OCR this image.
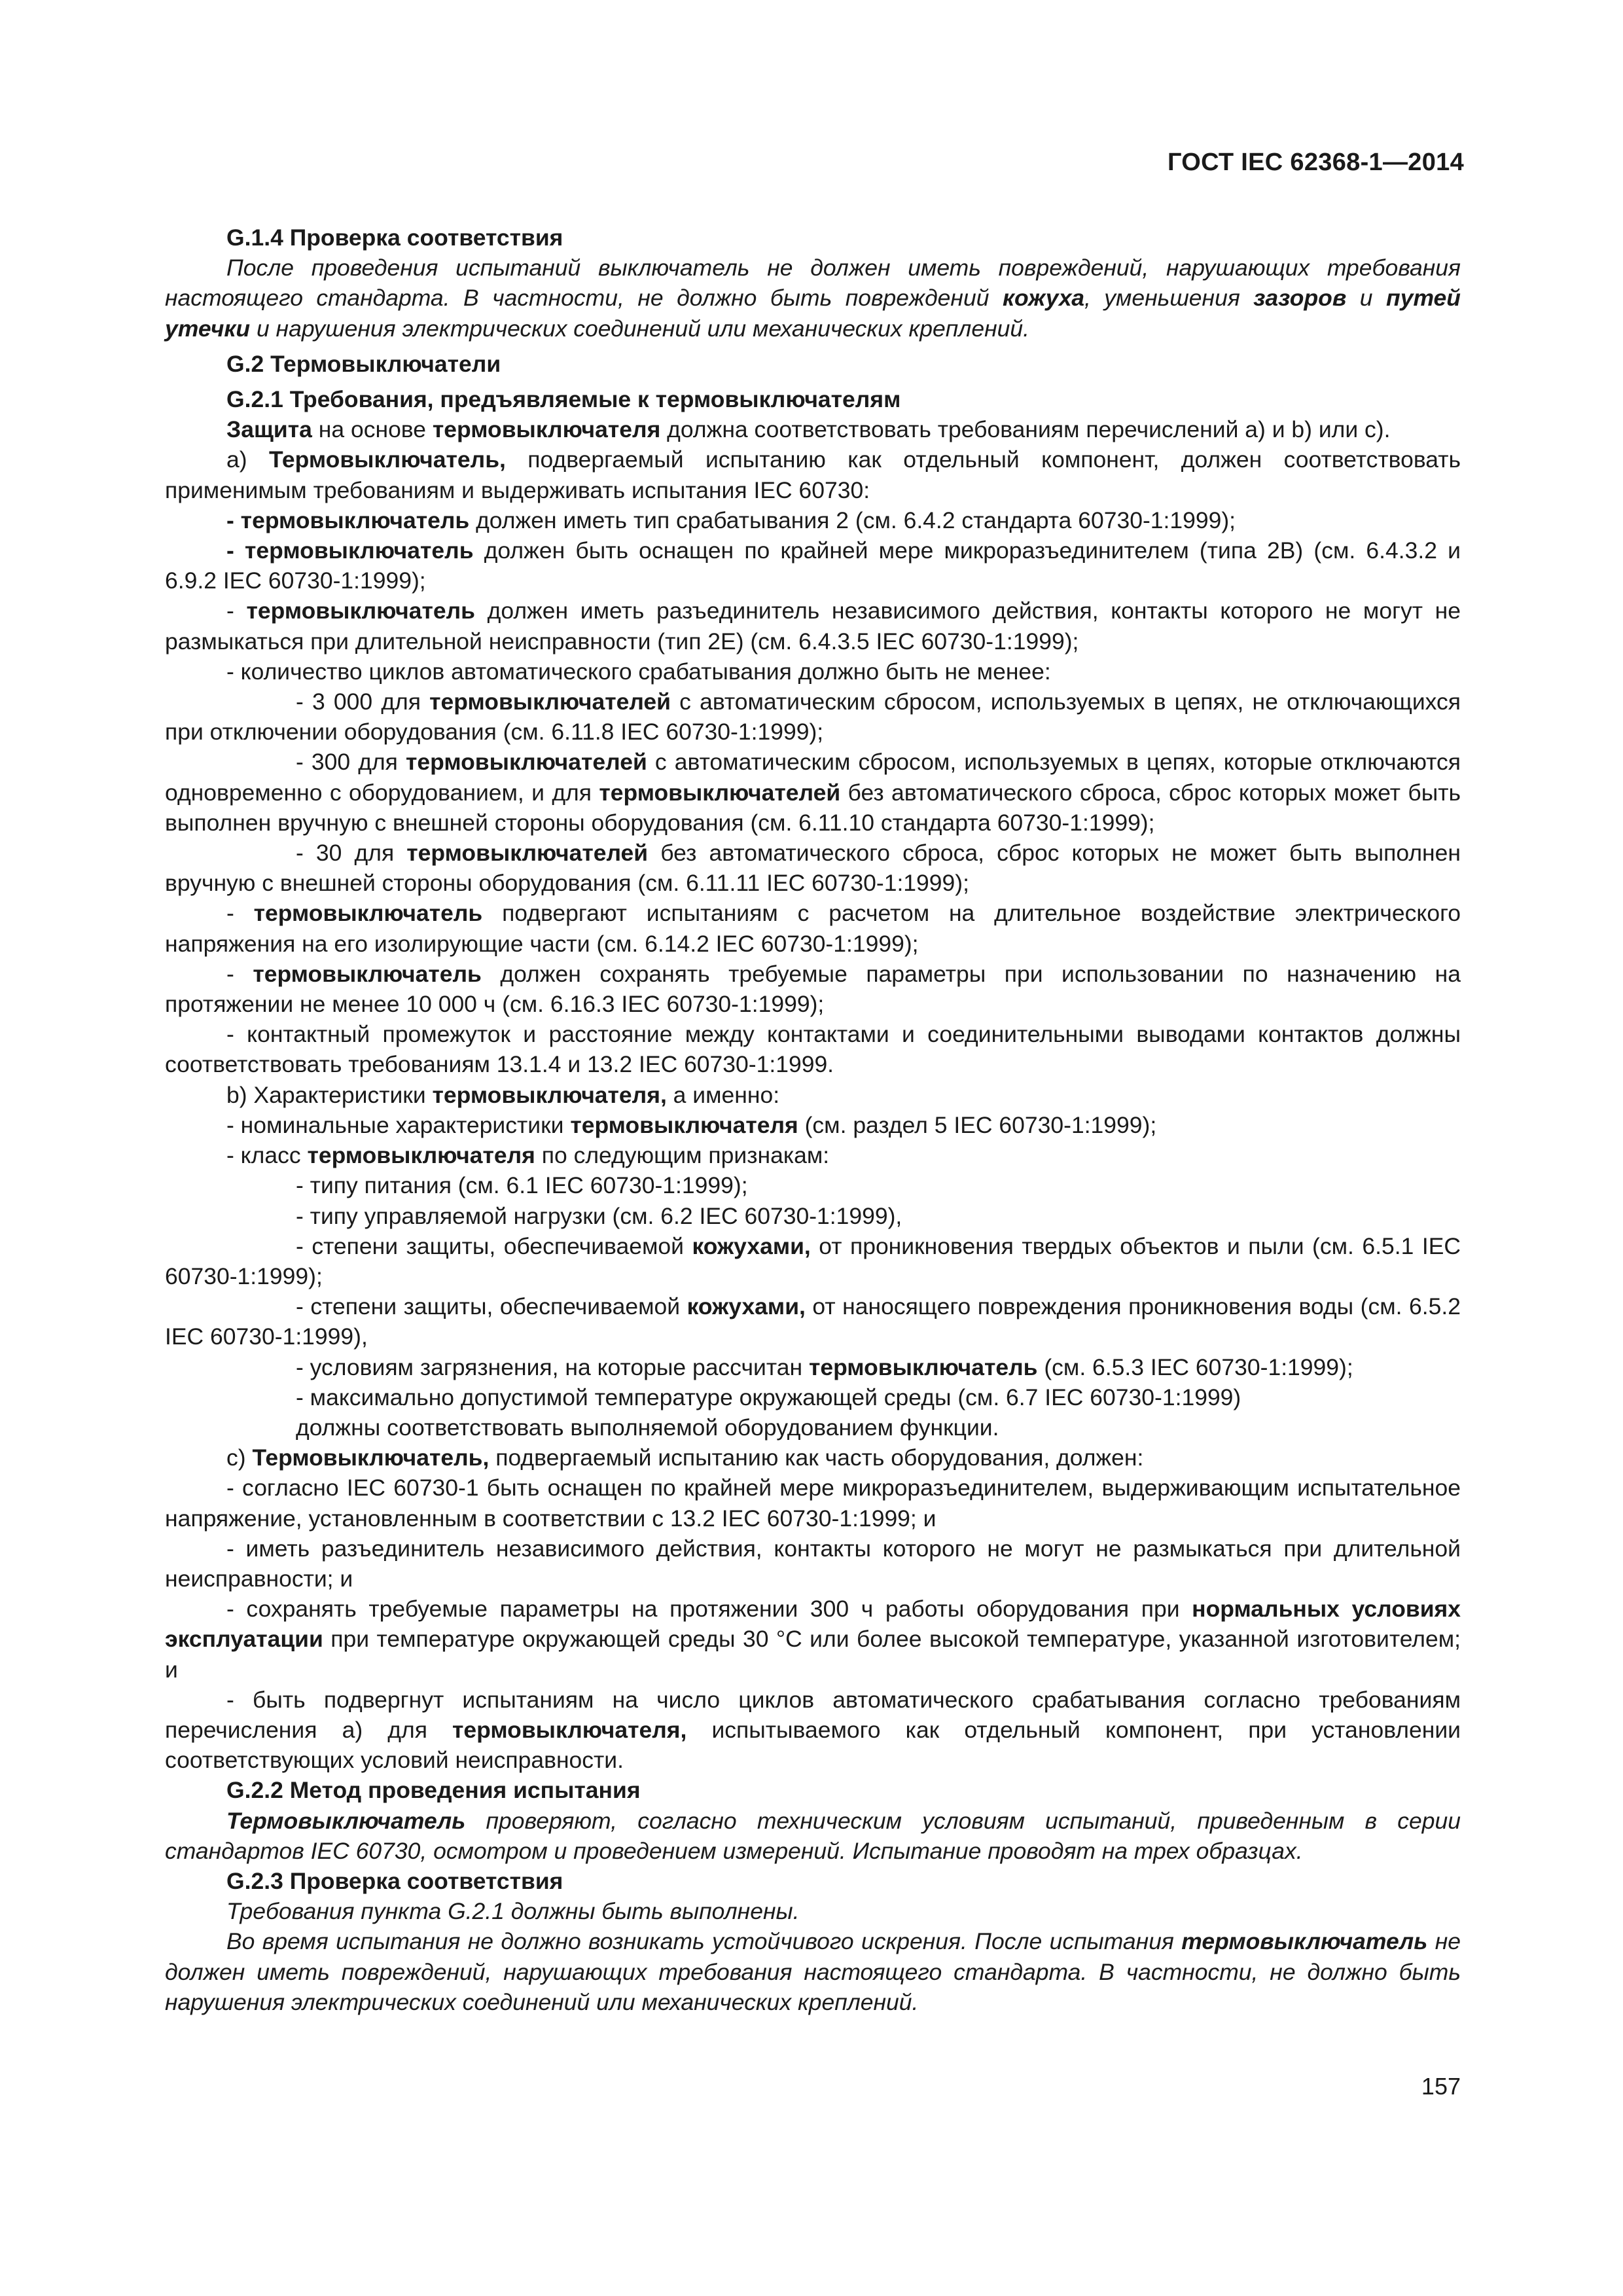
ГОСТ IEC 62368-1—2014

G.1.4 Проверка соответствия

После проведения испытаний выключатель не должен иметь повреждений, нарушающих требования настоящего стандарта. В частности, не должно быть повреждений кожуха, уменьшения зазоров и путей утечки и нарушения электрических соединений или механических креплений.

G.2 Термовыключатели

G.2.1 Требования, предъявляемые к термовыключателям

Защита на основе термовыключателя должна соответствовать требованиям перечислений a) и b) или c).

a) Термовыключатель, подвергаемый испытанию как отдельный компонент, должен соответствовать применимым требованиям и выдерживать испытания IEC 60730:

- термовыключатель должен иметь тип срабатывания 2 (см. 6.4.2 стандарта 60730-1:1999);

- термовыключатель должен быть оснащен по крайней мере микроразъединителем (типа 2B) (см. 6.4.3.2 и 6.9.2 IEC 60730-1:1999);

- термовыключатель должен иметь разъединитель независимого действия, контакты которого не могут не размыкаться при длительной неисправности (тип 2E) (см. 6.4.3.5 IEC 60730-1:1999);

- количество циклов автоматического срабатывания должно быть не менее:

- 3 000 для термовыключателей с автоматическим сбросом, используемых в цепях, не отключающихся при отключении оборудования (см. 6.11.8 IEC 60730-1:1999);

- 300 для термовыключателей с автоматическим сбросом, используемых в цепях, которые отключаются одновременно с оборудованием, и для термовыключателей без автоматического сброса, сброс которых может быть выполнен вручную с внешней стороны оборудования (см. 6.11.10 стандарта 60730-1:1999);

- 30 для термовыключателей без автоматического сброса, сброс которых не может быть выполнен вручную с внешней стороны оборудования (см. 6.11.11 IEC 60730-1:1999);

- термовыключатель подвергают испытаниям с расчетом на длительное воздействие электрического напряжения на его изолирующие части (см. 6.14.2 IEC 60730-1:1999);

- термовыключатель должен сохранять требуемые параметры при использовании по назначению на протяжении не менее 10 000 ч (см. 6.16.3 IEC 60730-1:1999);

- контактный промежуток и расстояние между контактами и соединительными выводами контактов должны соответствовать требованиям 13.1.4 и 13.2 IEC 60730-1:1999.

b) Характеристики термовыключателя, а именно:

- номинальные характеристики термовыключателя (см. раздел 5 IEC 60730-1:1999);

- класс термовыключателя по следующим признакам:

- типу питания (см. 6.1 IEC 60730-1:1999);

- типу управляемой нагрузки (см. 6.2 IEC 60730-1:1999),

- степени защиты, обеспечиваемой кожухами, от проникновения твердых объектов и пыли (см. 6.5.1 IEC 60730-1:1999);

- степени защиты, обеспечиваемой кожухами, от наносящего повреждения проникновения воды (см. 6.5.2 IEC 60730-1:1999),

- условиям загрязнения, на которые рассчитан термовыключатель (см. 6.5.3 IEC 60730-1:1999);

- максимально допустимой температуре окружающей среды (см. 6.7 IEC 60730-1:1999)

должны соответствовать выполняемой оборудованием функции.

c) Термовыключатель, подвергаемый испытанию как часть оборудования, должен:

- согласно IEC 60730-1 быть оснащен по крайней мере микроразъединителем, выдерживающим испытательное напряжение, установленным в соответствии с 13.2 IEC 60730-1:1999; и

- иметь разъединитель независимого действия, контакты которого не могут не размыкаться при длительной неисправности; и

- сохранять требуемые параметры на протяжении 300 ч работы оборудования при нормальных условиях эксплуатации при температуре окружающей среды 30 °C или более высокой температуре, указанной изготовителем; и

- быть подвергнут испытаниям на число циклов автоматического срабатывания согласно требованиям перечисления a) для термовыключателя, испытываемого как отдельный компонент, при установлении соответствующих условий неисправности.

G.2.2 Метод проведения испытания

Термовыключатель проверяют, согласно техническим условиям испытаний, приведенным в серии стандартов IEC 60730, осмотром и проведением измерений. Испытание проводят на трех образцах.

G.2.3 Проверка соответствия

Требования пункта G.2.1 должны быть выполнены.

Во время испытания не должно возникать устойчивого искрения. После испытания термовыключатель не должен иметь повреждений, нарушающих требования настоящего стандарта. В частности, не должно быть нарушения электрических соединений или механических креплений.

157
